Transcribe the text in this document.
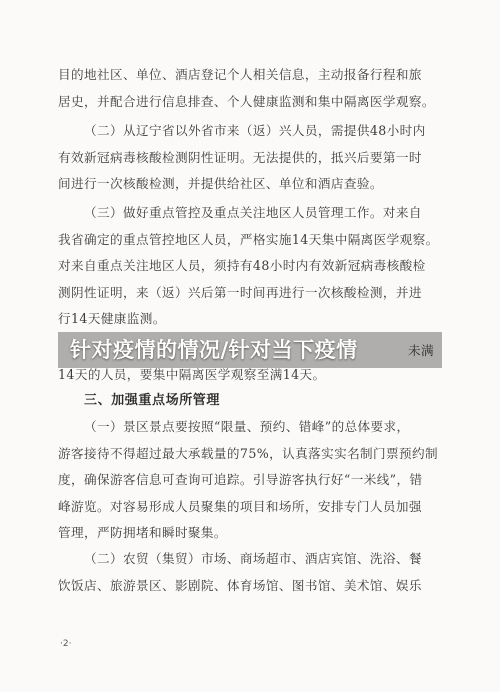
目的地社区、单位、酒店登记个人相关信息，主动报备行程和旅
居史，并配合进行信息排查、个人健康监测和集中隔离医学观察。
（二）从辽宁省以外省市来（返）兴人员，需提供48小时内
有效新冠病毒核酸检测阴性证明。无法提供的，抵兴后要第一时
间进行一次核酸检测，并提供给社区、单位和酒店查验。
（三）做好重点管控及重点关注地区人员管理工作。对来自
我省确定的重点管控地区人员，严格实施14天集中隔离医学观察。
对来自重点关注地区人员，须持有48小时内有效新冠病毒核酸检
测阴性证明，来（返）兴后第一时间再进行一次核酸检测，并进
行14天健康监测。
未满
14天的人员，要集中隔离医学观察至满14天。
三、加强重点场所管理
（一）景区景点要按照“限量、预约、错峰”的总体要求，
游客接待不得超过最大承载量的75%，认真落实实名制门票预约制
度，确保游客信息可查询可追踪。引导游客执行好“一米线”，错
峰游览。对容易形成人员聚集的项目和场所，安排专门人员加强
管理，严防拥堵和瞬时聚集。
（二）农贸（集贸）市场、商场超市、酒店宾馆、洗浴、餐
饮饭店、旅游景区、影剧院、体育场馆、图书馆、美术馆、娱乐
·2·
针对疫情的情况/针对当下疫情
